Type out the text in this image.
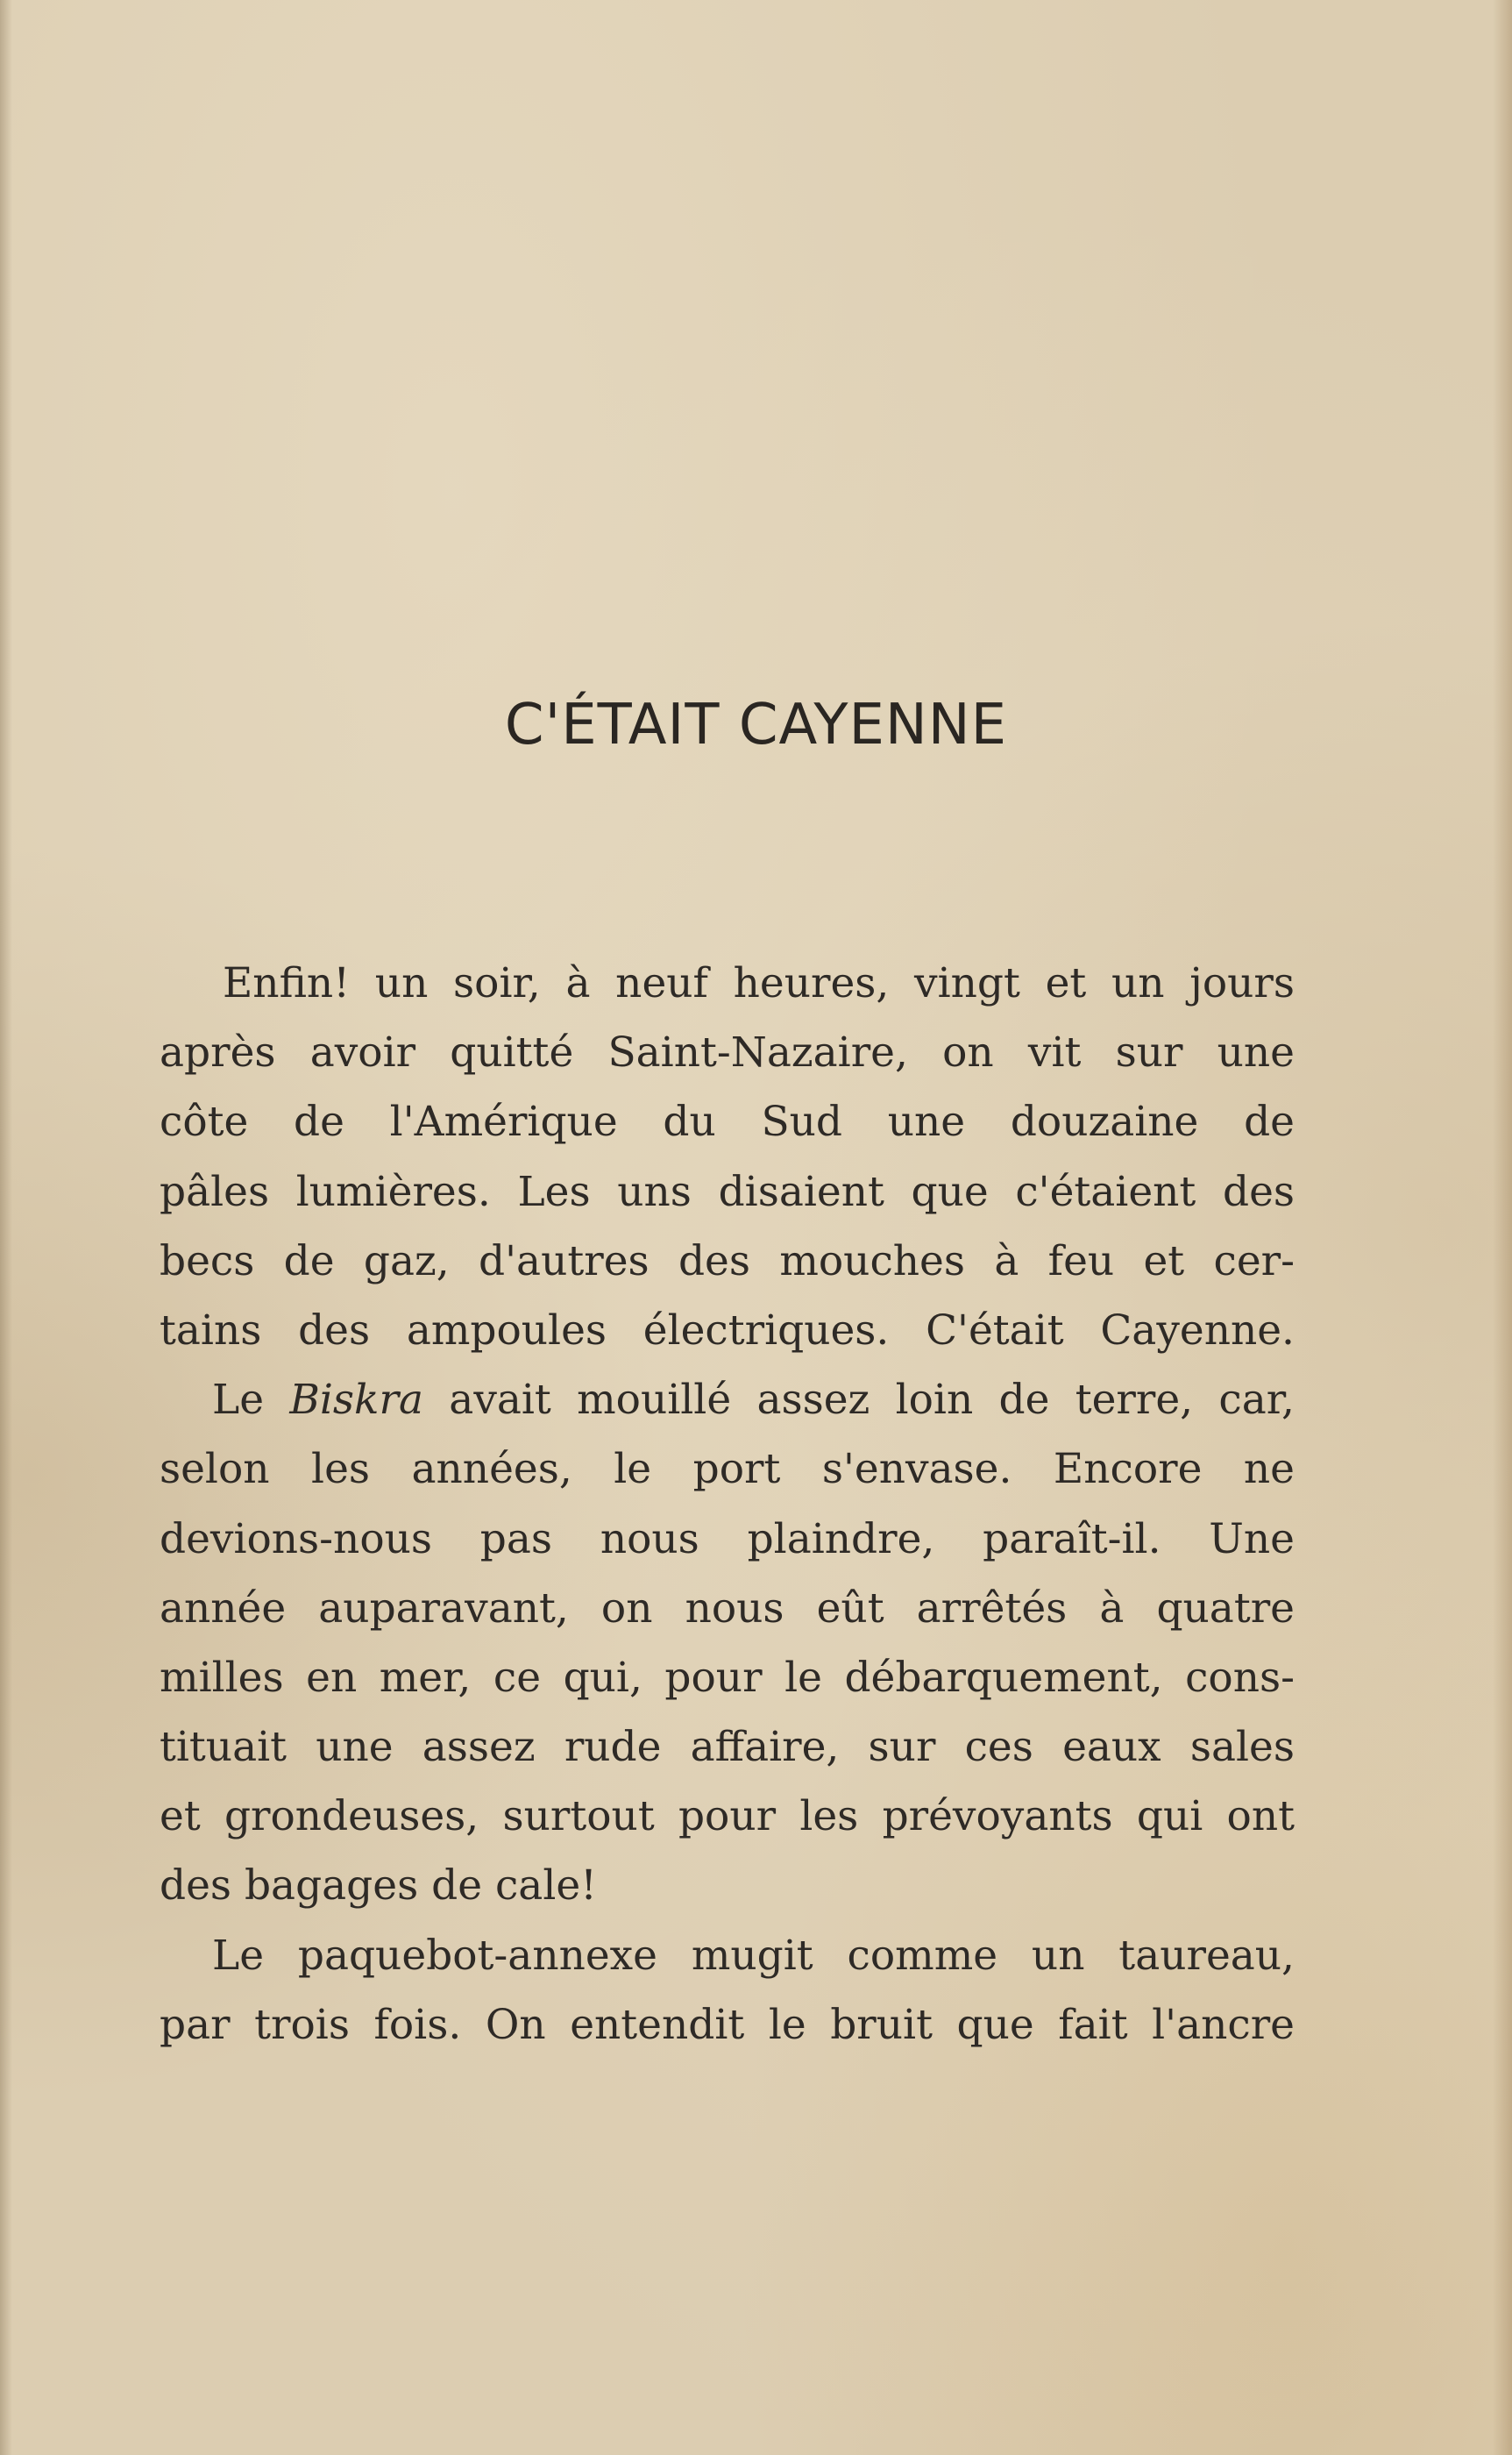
C'ÉTAIT CAYENNE
Enfin! un soir, à neuf heures, vingt et un jours
après avoir quitté Saint-Nazaire, on vit sur une
côte de l'Amérique du Sud une douzaine de
pâles lumières. Les uns disaient que c'étaient des
becs de gaz, d'autres des mouches à feu et cer-
tains des ampoules électriques. C'était Cayenne.
Le Biskra avait mouillé assez loin de terre, car,
selon les années, le port s'envase. Encore ne
devions-nous pas nous plaindre, paraît-il. Une
année auparavant, on nous eût arrêtés à quatre
milles en mer, ce qui, pour le débarquement, cons-
tituait une assez rude affaire, sur ces eaux sales
et grondeuses, surtout pour les prévoyants qui ont
des bagages de cale!
Le paquebot-annexe mugit comme un taureau,
par trois fois. On entendit le bruit que fait l'ancre
